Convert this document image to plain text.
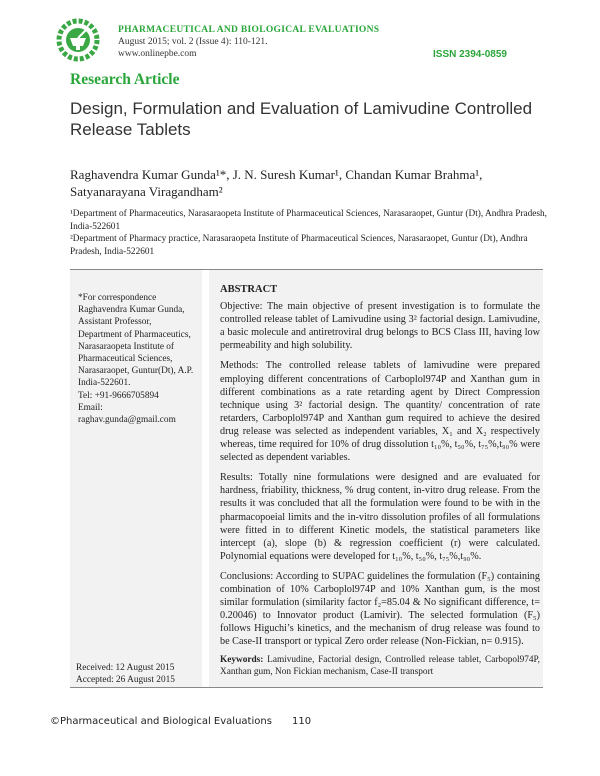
PHARMACEUTICAL AND BIOLOGICAL EVALUATIONS
August 2015; vol. 2 (Issue 4): 110-121.
www.onlinepbe.com	ISSN 2394-0859
Research Article
Design, Formulation and Evaluation of Lamivudine Controlled Release Tablets
Raghavendra Kumar Gunda¹*, J. N. Suresh Kumar¹, Chandan Kumar Brahma¹, Satyanarayana Viragandham²
¹Department of Pharmaceutics, Narasaraopeta Institute of Pharmaceutical Sciences, Narasaraopet, Guntur (Dt), Andhra Pradesh, India-522601
²Department of Pharmacy practice, Narasaraopeta Institute of Pharmaceutical Sciences, Narasaraopet, Guntur (Dt), Andhra Pradesh, India-522601
*For correspondence
Raghavendra Kumar Gunda,
Assistant Professor,
Department of Pharmaceutics,
Narasaraopeta Institute of
Pharmaceutical Sciences,
Narasaraopet, Guntur(Dt), A.P.
India-522601.
Tel: +91-9666705894
Email:
raghav.gunda@gmail.com
Received: 12 August 2015
Accepted: 26 August 2015
ABSTRACT

Objective: The main objective of present investigation is to formulate the controlled release tablet of Lamivudine using 3² factorial design. Lamivudine, a basic molecule and antiretroviral drug belongs to BCS Class III, having low permeability and high solubility.

Methods: The controlled release tablets of lamivudine were prepared employing different concentrations of Carboplol974P and Xanthan gum in different combinations as a rate retarding agent by Direct Compression technique using 3² factorial design. The quantity/ concentration of rate retarders, Carboplol974P and Xanthan gum required to achieve the desired drug release was selected as independent variables, X₁ and X₂ respectively whereas, time required for 10% of drug dissolution t₁₀%, t₅₀%, t₇₅%,t₉₀% were selected as dependent variables.

Results: Totally nine formulations were designed and are evaluated for hardness, friability, thickness, % drug content, in-vitro drug release. From the results it was concluded that all the formulation were found to be with in the pharmacopoeial limits and the in-vitro dissolution profiles of all formulations were fitted in to different Kinetic models, the statistical parameters like intercept (a), slope (b) & regression coefficient (r) were calculated. Polynomial equations were developed for t₁₀%, t₅₀%, t₇₅%,t₉₀%.

Conclusions: According to SUPAC guidelines the formulation (F₅) containing combination of 10% Carboplol974P and 10% Xanthan gum, is the most similar formulation (similarity factor f₂=85.04 & No significant difference, t= 0.20046) to Innovator product (Lamivir). The selected formulation (F₅) follows Higuchi’s kinetics, and the mechanism of drug release was found to be Case-II transport or typical Zero order release (Non-Fickian, n= 0.915).

Keywords: Lamivudine, Factorial design, Controlled release tablet, Carbopol974P, Xanthan gum, Non Fickian mechanism, Case-II transport

©Pharmaceutical and Biological Evaluations 110
